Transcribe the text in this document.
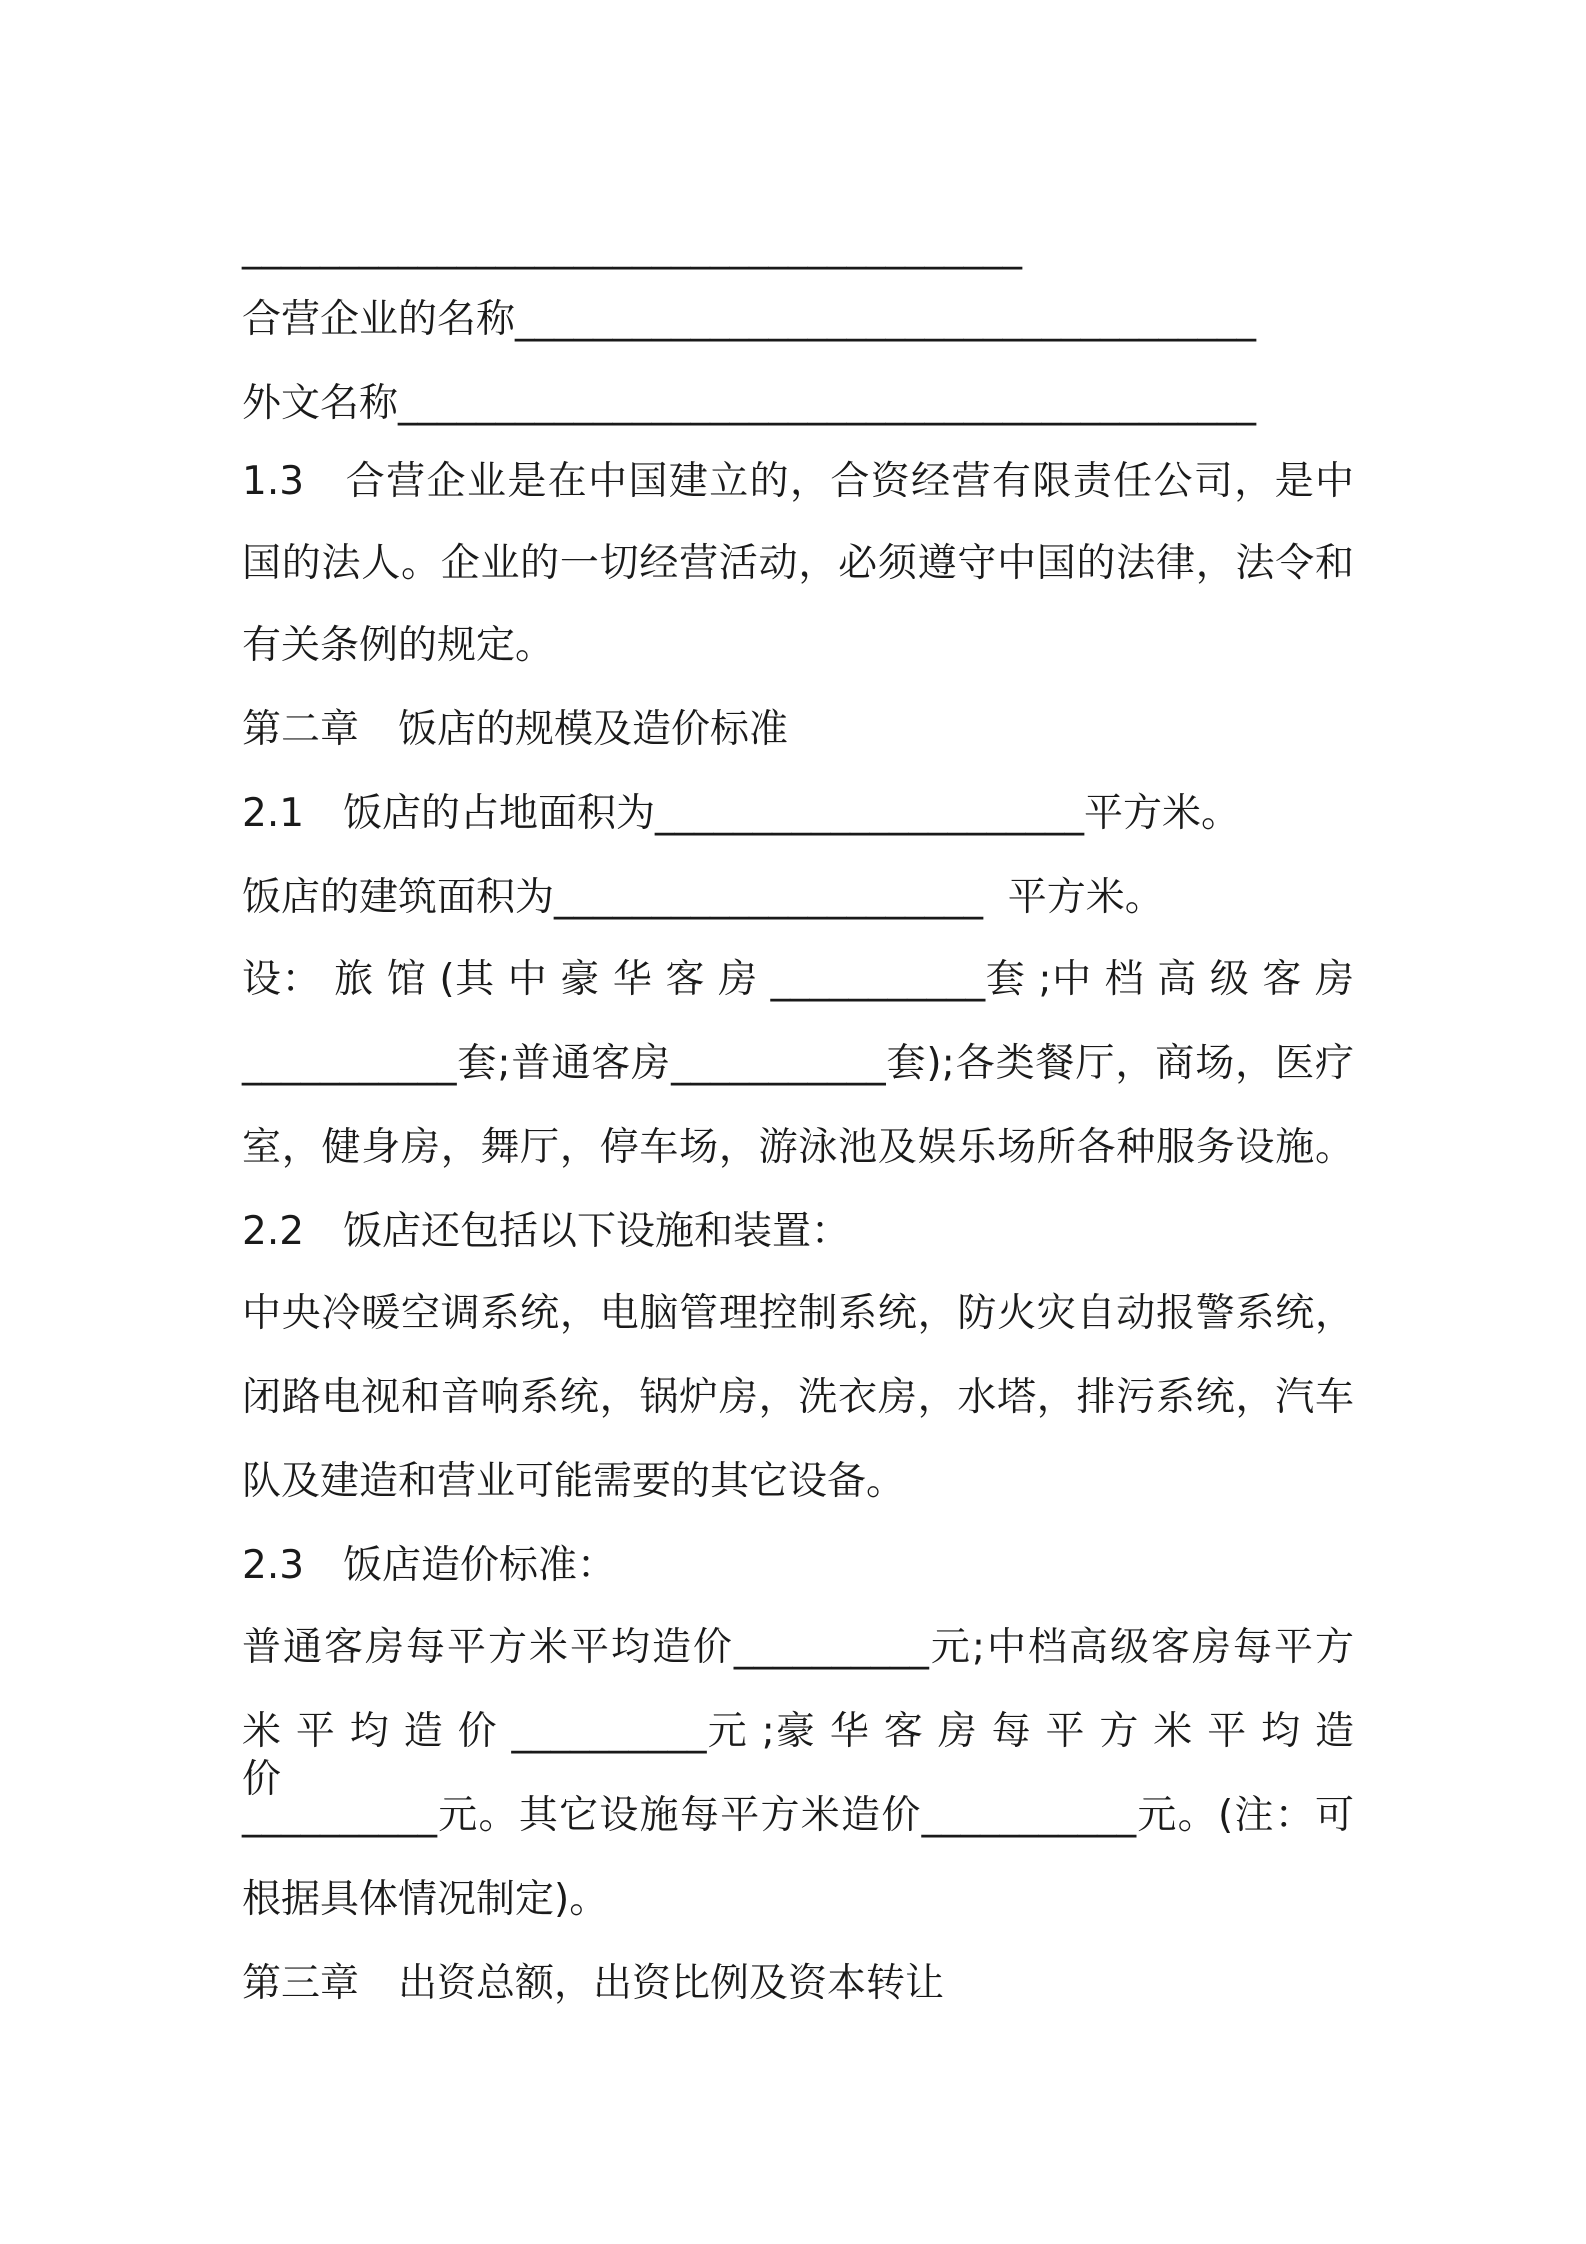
________________________________________
合营企业的名称______________________________________
外文名称____________________________________________
1.3　合营企业是在中国建立的，合资经营有限责任公司，是中
国的法人。企业的一切经营活动，必须遵守中国的法律，法令和
有关条例的规定。
第二章　饭店的规模及造价标准
2.1　饭店的占地面积为______________________平方米。
饭店的建筑面积为______________________  平方米。
设： 旅 馆 (其 中 豪 华 客 房 ___________套 ;中 档 高 级 客 房
___________套;普通客房___________套);各类餐厅，商场，医疗
室，健身房，舞厅，停车场，游泳池及娱乐场所各种服务设施。
2.2　饭店还包括以下设施和装置：
中央冷暖空调系统，电脑管理控制系统，防火灾自动报警系统，
闭路电视和音响系统，锅炉房，洗衣房，水塔，排污系统，汽车
队及建造和营业可能需要的其它设备。
2.3　饭店造价标准：
普通客房每平方米平均造价__________元;中档高级客房每平方
米 平 均 造 价 __________元 ;豪 华 客 房 每 平 方 米 平 均 造 价
__________元。其它设施每平方米造价___________元。(注：可
根据具体情况制定)。
第三章　出资总额，出资比例及资本转让
